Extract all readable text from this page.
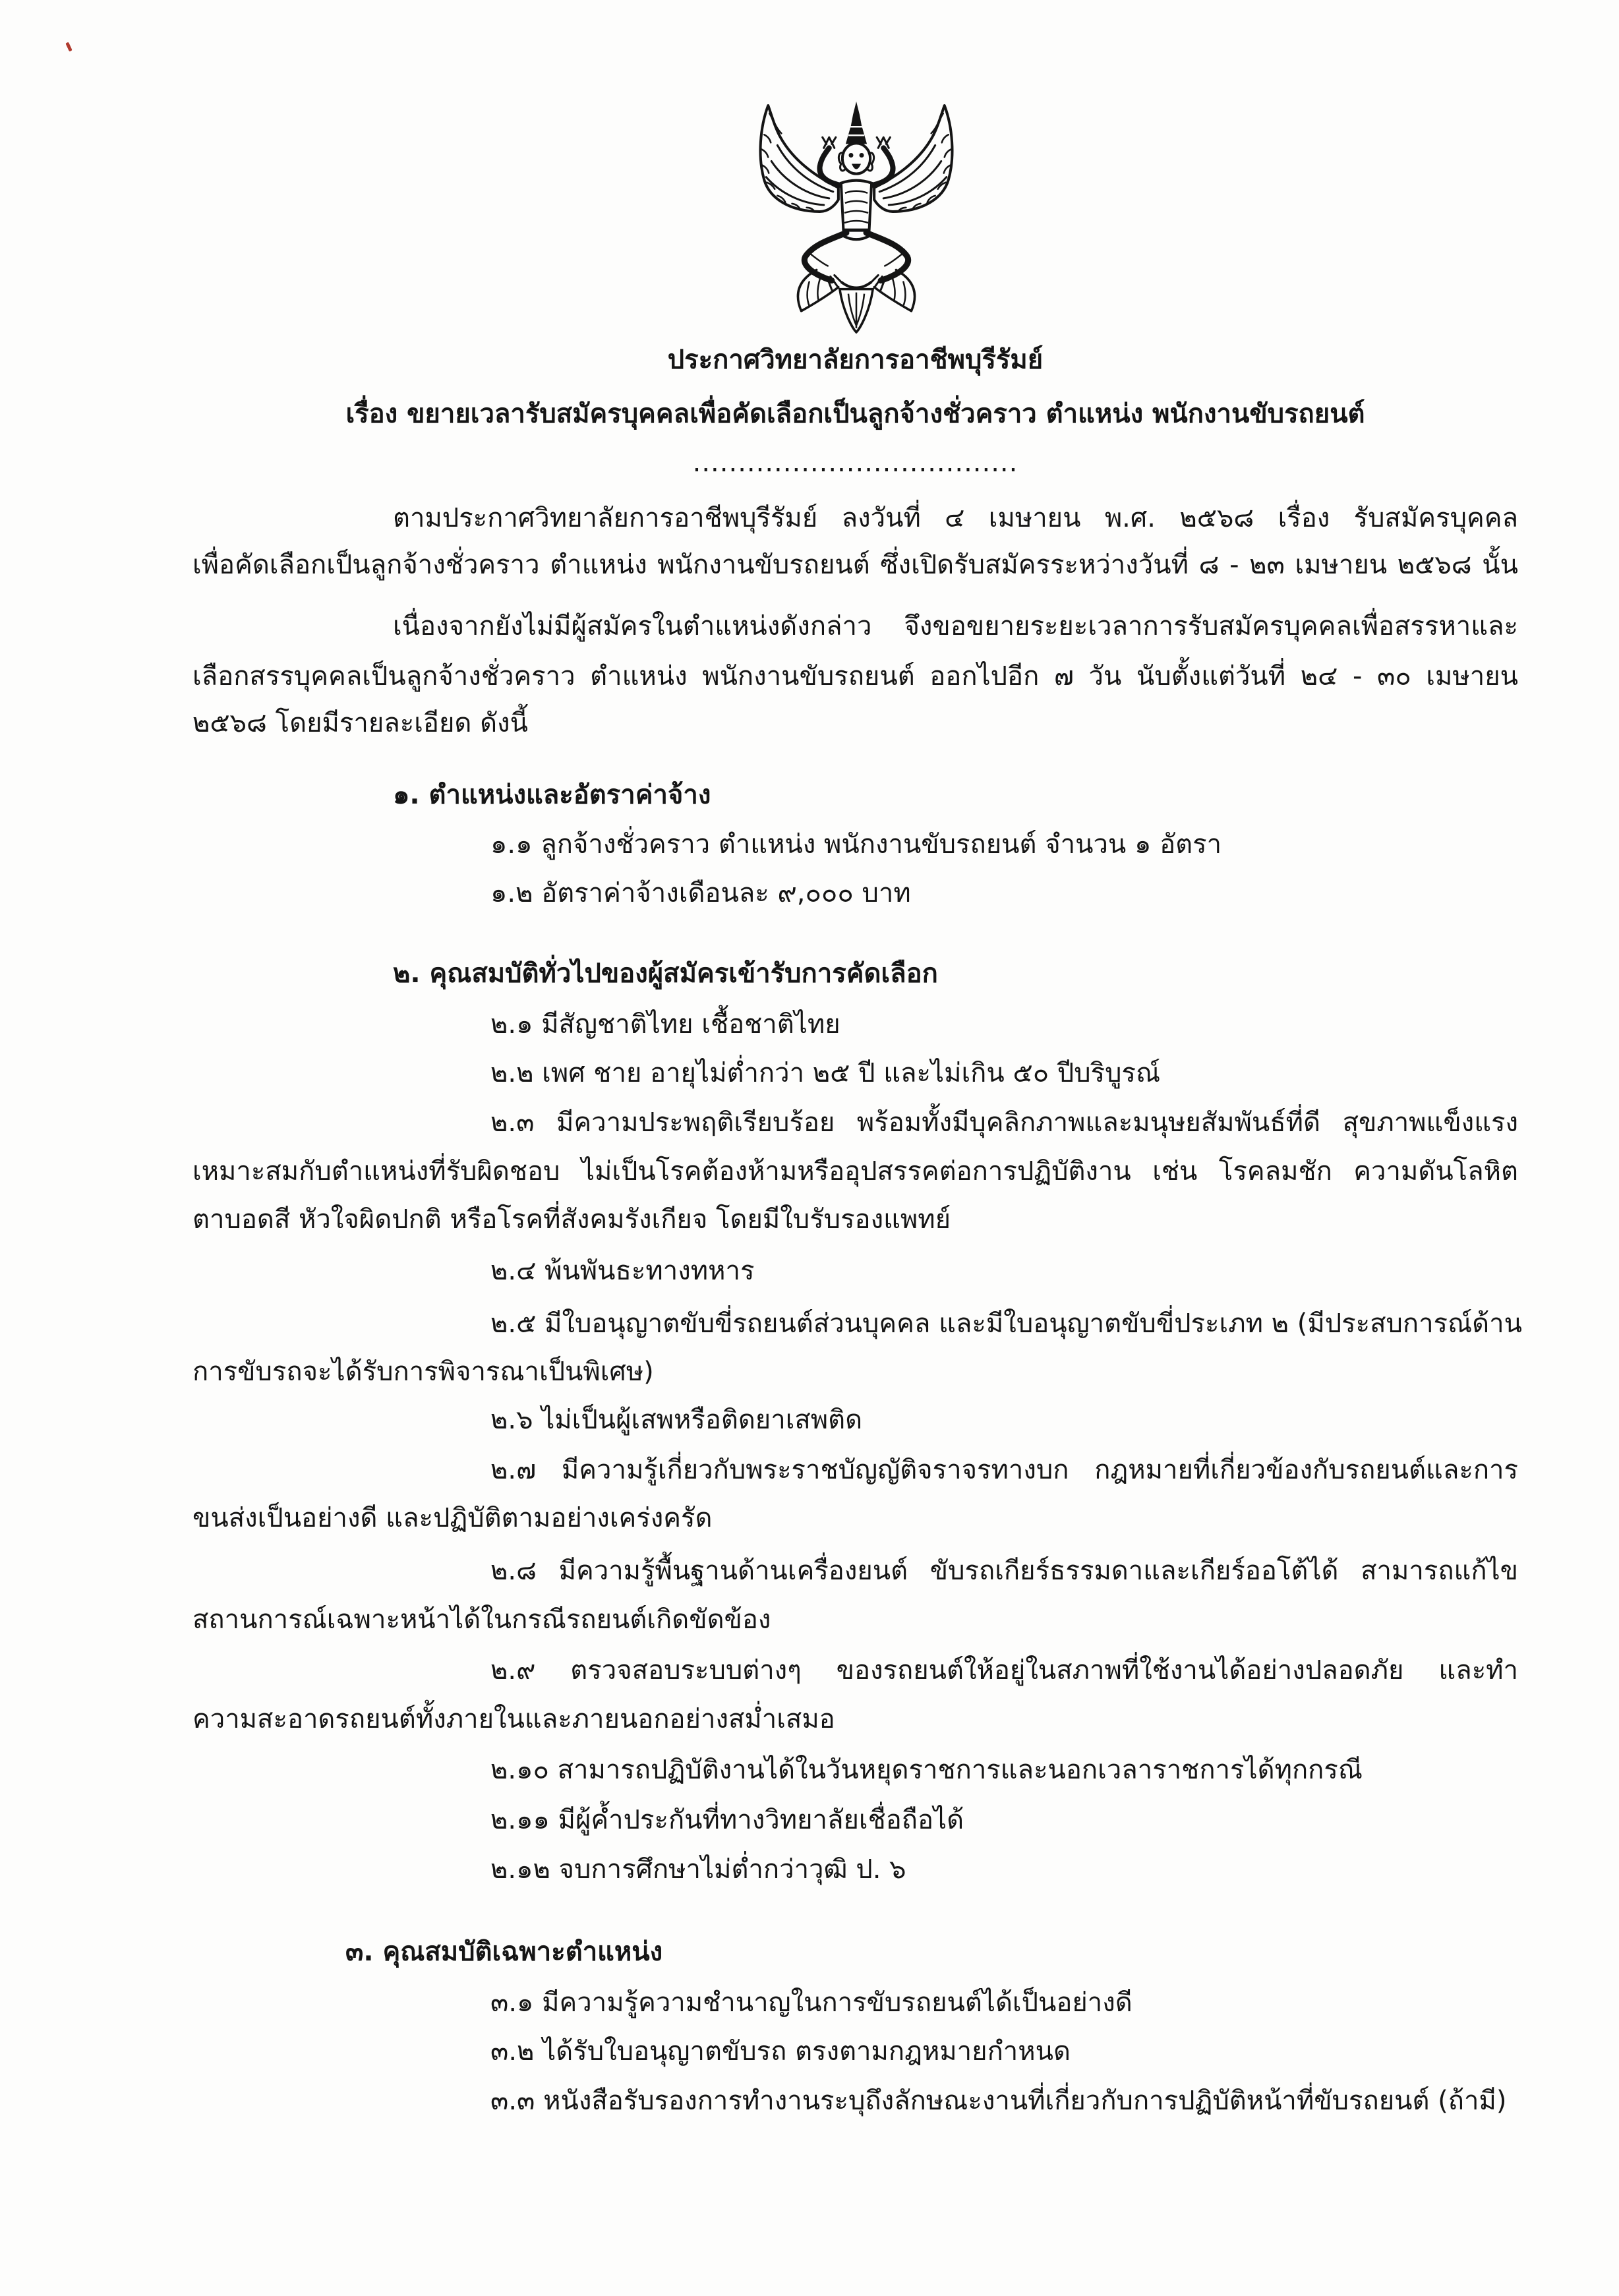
ประกาศวิทยาลัยการอาชีพบุรีรัมย์
เรื่อง ขยายเวลารับสมัครบุคคลเพื่อคัดเลือกเป็นลูกจ้างชั่วคราว ตำแหน่ง พนักงานขับรถยนต์
....................................
ตามประกาศวิทยาลัยการอาชีพบุรีรัมย์ ลงวันที่ ๔ เมษายน พ.ศ. ๒๕๖๘ เรื่อง รับสมัครบุคคล
เพื่อคัดเลือกเป็นลูกจ้างชั่วคราว ตำแหน่ง พนักงานขับรถยนต์ ซึ่งเปิดรับสมัครระหว่างวันที่ ๘ - ๒๓ เมษายน ๒๕๖๘ นั้น
เนื่องจากยังไม่มีผู้สมัครในตำแหน่งดังกล่าว จึงขอขยายระยะเวลาการรับสมัครบุคคลเพื่อสรรหาและ
เลือกสรรบุคคลเป็นลูกจ้างชั่วคราว ตำแหน่ง พนักงานขับรถยนต์ ออกไปอีก ๗ วัน นับตั้งแต่วันที่ ๒๔ - ๓๐ เมษายน
๒๕๖๘ โดยมีรายละเอียด ดังนี้
๑. ตำแหน่งและอัตราค่าจ้าง
๑.๑ ลูกจ้างชั่วคราว ตำแหน่ง พนักงานขับรถยนต์ จำนวน ๑ อัตรา
๑.๒ อัตราค่าจ้างเดือนละ ๙,๐๐๐ บาท
๒. คุณสมบัติทั่วไปของผู้สมัครเข้ารับการคัดเลือก
๒.๑ มีสัญชาติไทย เชื้อชาติไทย
๒.๒ เพศ ชาย อายุไม่ต่ำกว่า ๒๕ ปี และไม่เกิน ๕๐ ปีบริบูรณ์
๒.๓ มีความประพฤติเรียบร้อย พร้อมทั้งมีบุคลิกภาพและมนุษยสัมพันธ์ที่ดี สุขภาพแข็งแรง
เหมาะสมกับตำแหน่งที่รับผิดชอบ ไม่เป็นโรคต้องห้ามหรืออุปสรรคต่อการปฏิบัติงาน เช่น โรคลมชัก ความดันโลหิต
ตาบอดสี หัวใจผิดปกติ หรือโรคที่สังคมรังเกียจ โดยมีใบรับรองแพทย์
๒.๔ พ้นพันธะทางทหาร
๒.๕ มีใบอนุญาตขับขี่รถยนต์ส่วนบุคคล และมีใบอนุญาตขับขี่ประเภท ๒ (มีประสบการณ์ด้าน
การขับรถจะได้รับการพิจารณาเป็นพิเศษ)
๒.๖ ไม่เป็นผู้เสพหรือติดยาเสพติด
๒.๗ มีความรู้เกี่ยวกับพระราชบัญญัติจราจรทางบก กฎหมายที่เกี่ยวข้องกับรถยนต์และการ
ขนส่งเป็นอย่างดี และปฏิบัติตามอย่างเคร่งครัด
๒.๘ มีความรู้พื้นฐานด้านเครื่องยนต์ ขับรถเกียร์ธรรมดาและเกียร์ออโต้ได้ สามารถแก้ไข
สถานการณ์เฉพาะหน้าได้ในกรณีรถยนต์เกิดขัดข้อง
๒.๙ ตรวจสอบระบบต่างๆ ของรถยนต์ให้อยู่ในสภาพที่ใช้งานได้อย่างปลอดภัย และทำ
ความสะอาดรถยนต์ทั้งภายในและภายนอกอย่างสม่ำเสมอ
๒.๑๐ สามารถปฏิบัติงานได้ในวันหยุดราชการและนอกเวลาราชการได้ทุกกรณี
๒.๑๑ มีผู้ค้ำประกันที่ทางวิทยาลัยเชื่อถือได้
๒.๑๒ จบการศึกษาไม่ต่ำกว่าวุฒิ ป. ๖
๓. คุณสมบัติเฉพาะตำแหน่ง
๓.๑ มีความรู้ความชำนาญในการขับรถยนต์ได้เป็นอย่างดี
๓.๒ ได้รับใบอนุญาตขับรถ ตรงตามกฎหมายกำหนด
๓.๓ หนังสือรับรองการทำงานระบุถึงลักษณะงานที่เกี่ยวกับการปฏิบัติหน้าที่ขับรถยนต์ (ถ้ามี)
